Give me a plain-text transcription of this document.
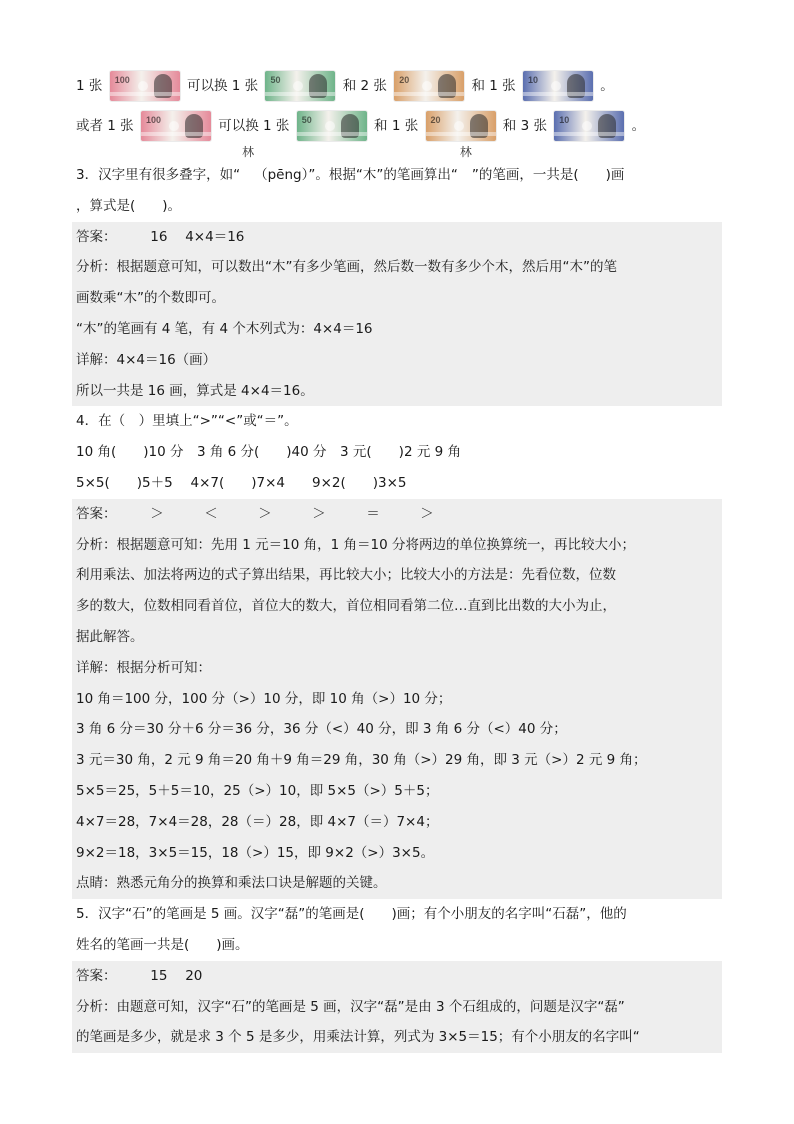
1 张 100	可以换 1 张 50	和 2 张 20	和 1 张 10	。
或者 1 张 100	可以换 1 张 50	和 1 张 20	和 3 张 10	。
3．汉字里有很多叠字，如“
林
（pēng）”。根据“木”的笔画算出“
林
”的笔画，一共是(　　)画
，算式是(　　)。
答案：　　　16　 4×4＝16
分析：根据题意可知，可以数出“木”有多少笔画，然后数一数有多少个木，然后用“木”的笔
画数乘“木”的个数即可。
“木”的笔画有 4 笔，有 4 个木列式为：4×4＝16
详解：4×4＝16（画）
所以一共是 16 画，算式是 4×4＝16。
4．在（　）里填上“>”“<”或“＝”。
10 角(　　)10 分　3 角 6 分(　　)40 分　3 元(　　)2 元 9 角
5×5(　　)5＋5　 4×7(　　)7×4　　9×2(　　)3×5
答案：　　　＞　　　＜　　　＞　　　＞　　　＝　　　＞
分析：根据题意可知：先用 1 元＝10 角，1 角＝10 分将两边的单位换算统一，再比较大小；
利用乘法、加法将两边的式子算出结果，再比较大小；比较大小的方法是：先看位数，位数
多的数大，位数相同看首位，首位大的数大，首位相同看第二位…直到比出数的大小为止，
据此解答。
详解：根据分析可知：
10 角＝100 分，100 分（>）10 分，即 10 角（>）10 分；
3 角 6 分＝30 分＋6 分＝36 分，36 分（<）40 分，即 3 角 6 分（<）40 分；
3 元＝30 角，2 元 9 角＝20 角＋9 角＝29 角，30 角（>）29 角，即 3 元（>）2 元 9 角；
5×5＝25，5＋5＝10，25（>）10，即 5×5（>）5＋5；
4×7＝28，7×4＝28，28（＝）28，即 4×7（＝）7×4；
9×2＝18，3×5＝15，18（>）15，即 9×2（>）3×5。
点睛：熟悉元角分的换算和乘法口诀是解题的关键。
5．汉字“石”的笔画是 5 画。汉字“磊”的笔画是(　　)画；有个小朋友的名字叫“石磊”，他的
姓名的笔画一共是(　　)画。
答案：　　　15　 20
分析：由题意可知，汉字“石”的笔画是 5 画，汉字“磊”是由 3 个石组成的，问题是汉字“磊”
的笔画是多少，就是求 3 个 5 是多少，用乘法计算，列式为 3×5＝15；有个小朋友的名字叫“
